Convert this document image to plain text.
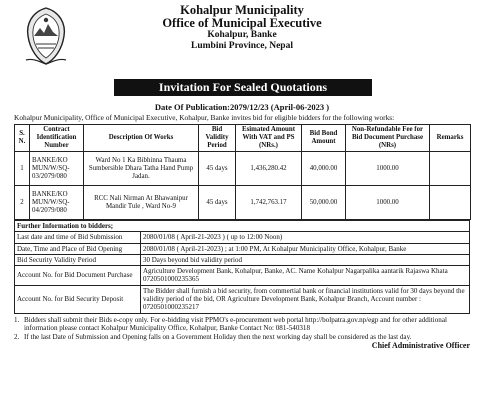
Kohalpur Municipality
Office of Municipal Executive
Kohalpur, Banke
Lumbini Province, Nepal
Invitation For Sealed Quotations
Date Of Publication:2079/12/23 (April-06-2023 )
Kohalpur Municipality, Office of Municipal Executive, Kohalpur, Banke invites bid for eligible bidders for the following works:
S. N.	Contract Identification Number	Description Of Works	Bid Validity Period	Esimated Amount With VAT and PS (NRs.)	Bid Bond Amount	Non-Refundable Fee for Bid Document Purchase (NRs)	Remarks
1	BANKE/KO MUN/W/SQ- 03/2079/080	Ward No 1 Ka Bibhinna Thauma Sumbersible Dhara Tatha Hand Pump Jadan.	45 days	1,436,280.42	40,000.00	1000.00	
2	BANKE/KO MUN/W/SQ- 04/2079/080	RCC Nali Nirman At Bhawanipur Mandir Tule , Ward No-9	45 days	1,742,763.17	50,000.00	1000.00	
Further Information to bidders;	
Last date and time of Bid Submission	2080/01/08 ( April-21-2023 ) ( up to 12:00 Noon)
Date, Time and Place of Bid Opening	2080/01/08 ( April-21-2023) ; at 1:00 PM, At Kohalpur Municipality Office, Kohalpur, Banke
Bid Security Validity Period	30 Days beyond bid validity period
Account No. for Bid Document Purchase	Agriculture Development Bank, Kohalpur, Banke, AC. Name Kohalpur Nagarpalika aantarik Rajaswa Khata 0720501000235365
Account No. for Bid Security Deposit	The Bidder shall furnish a bid security, from commertial bank or financial institutions valid for 30 days beyond the validity period of the bid, OR Agriculture Development Bank, Kohalpur Branch, Account number : 0720501000235217
1. Bidders shall submit their Bids e-copy only. For e-bidding visit PPMO's e-procurement web portal http://bolpatra.gov.np/egp and for other additional information please contact Kohalpur Municipality Office, Kohalpur, Banke Contact No: 081-540318
2. If the last Date of Submission and Opening falls on a Government Holiday then the next working day shall be considered as the last day.
Chief Administrative Officer
